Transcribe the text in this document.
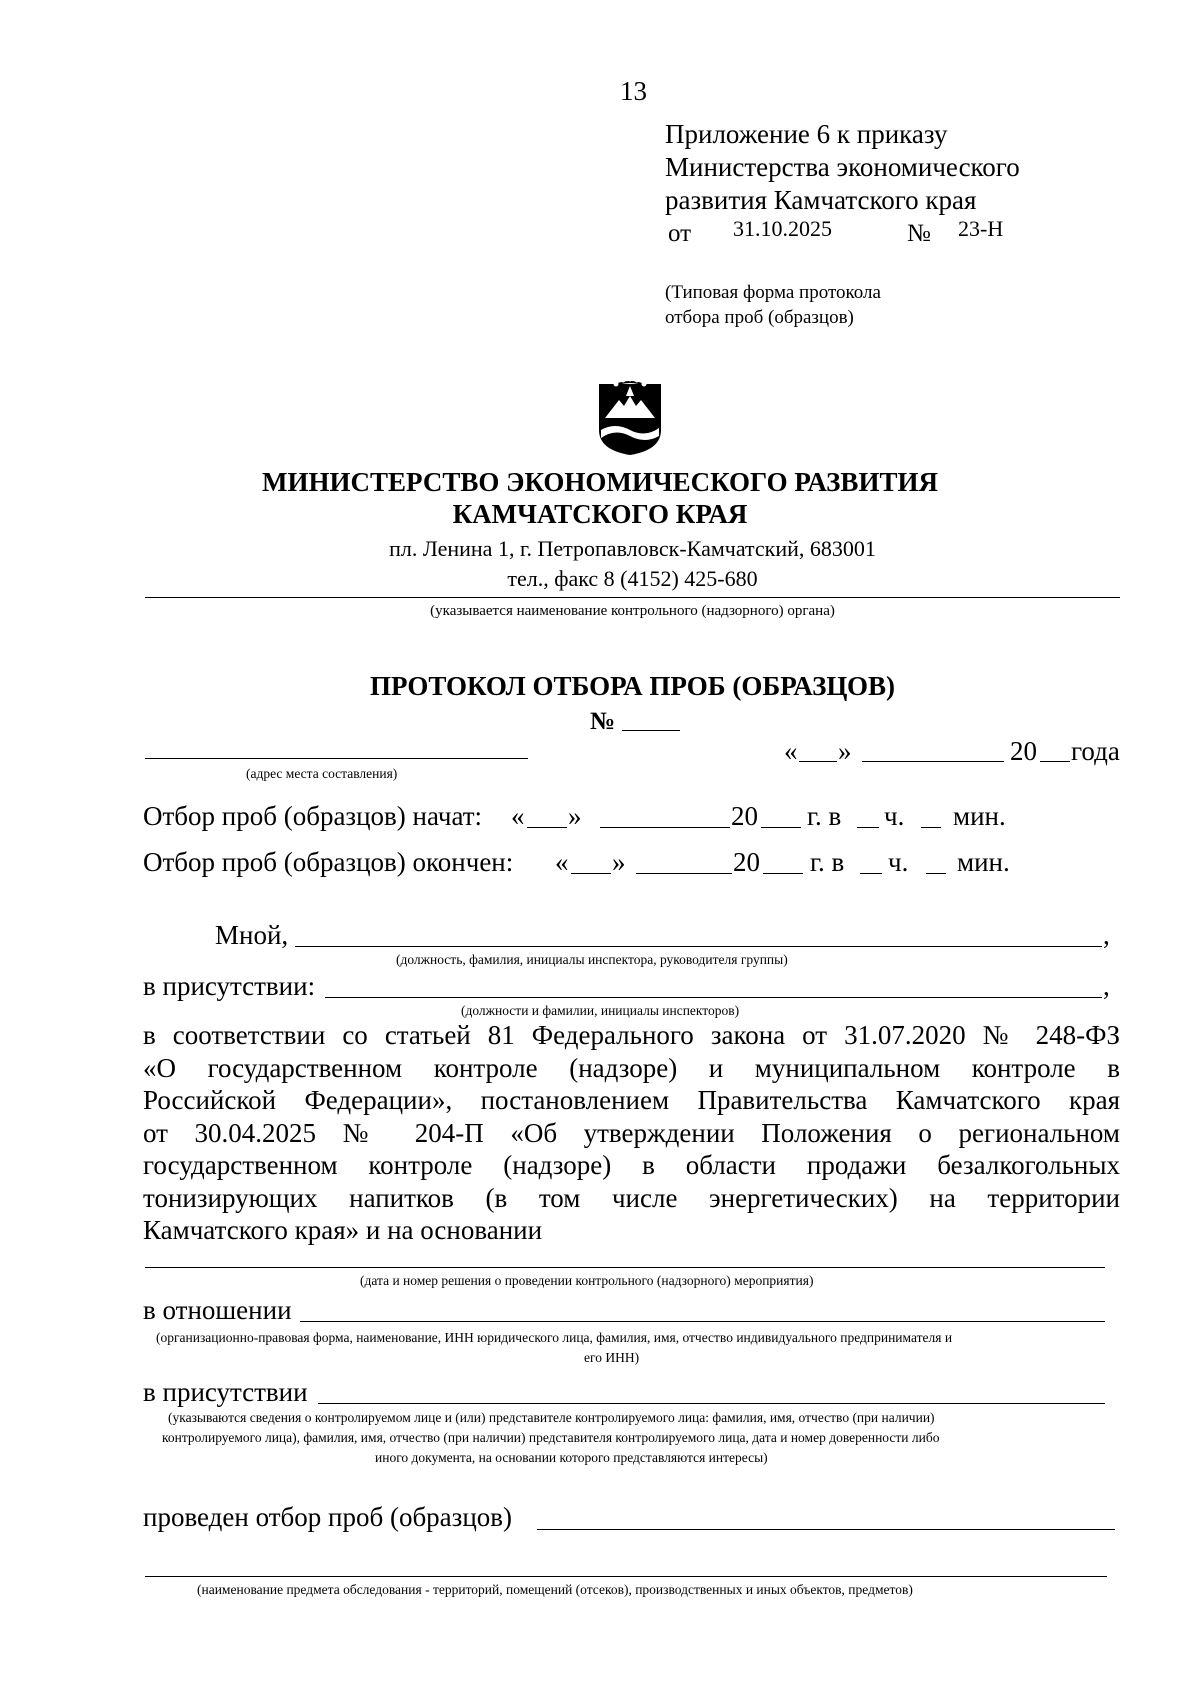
13
Приложение 6 к приказу
Министерства экономического
развития Камчатского края
от 31.10.2025	№ 23-Н
(Типовая форма протокола
отбора проб (образцов)
МИНИСТЕРСТВО ЭКОНОМИЧЕСКОГО РАЗВИТИЯ
КАМЧАТСКОГО КРАЯ
пл. Ленина 1, г. Петропавловск-Камчатский, 683001
тел., факс 8 (4152) 425-680
(указывается наименование контрольного (надзорного) органа)
ПРОТОКОЛ ОТБОРА ПРОБ (ОБРАЗЦОВ)
№
(адрес места составления)
« »	20 года
Отбор проб (образцов) начат: « »	20 г. в ч. мин.
Отбор проб (образцов) окончен: « »	20 г. в ч. мин.
Мной,	,
(должность, фамилия, инициалы инспектора, руководителя группы)
в присутствии:	,
(должности и фамилии, инициалы инспекторов)
в соответствии со статьей 81 Федерального закона от 31.07.2020 № 248-ФЗ
«О государственном контроле (надзоре) и муниципальном контроле в
Российской Федерации», постановлением Правительства Камчатского края
от 30.04.2025 № 204-П «Об утверждении Положения о региональном
государственном контроле (надзоре) в области продажи безалкогольных
тонизирующих напитков (в том числе энергетических) на территории
Камчатского края» и на основании
(дата и номер решения о проведении контрольного (надзорного) мероприятия)
в отношении
(организационно-правовая форма, наименование, ИНН юридического лица, фамилия, имя, отчество индивидуального предпринимателя и
его ИНН)
в присутствии
(указываются сведения о контролируемом лице и (или) представителе контролируемого лица: фамилия, имя, отчество (при наличии)
контролируемого лица), фамилия, имя, отчество (при наличии) представителя контролируемого лица, дата и номер доверенности либо
иного документа, на основании которого представляются интересы)
проведен отбор проб (образцов)
(наименование предмета обследования - территорий, помещений (отсеков), производственных и иных объектов, предметов)
